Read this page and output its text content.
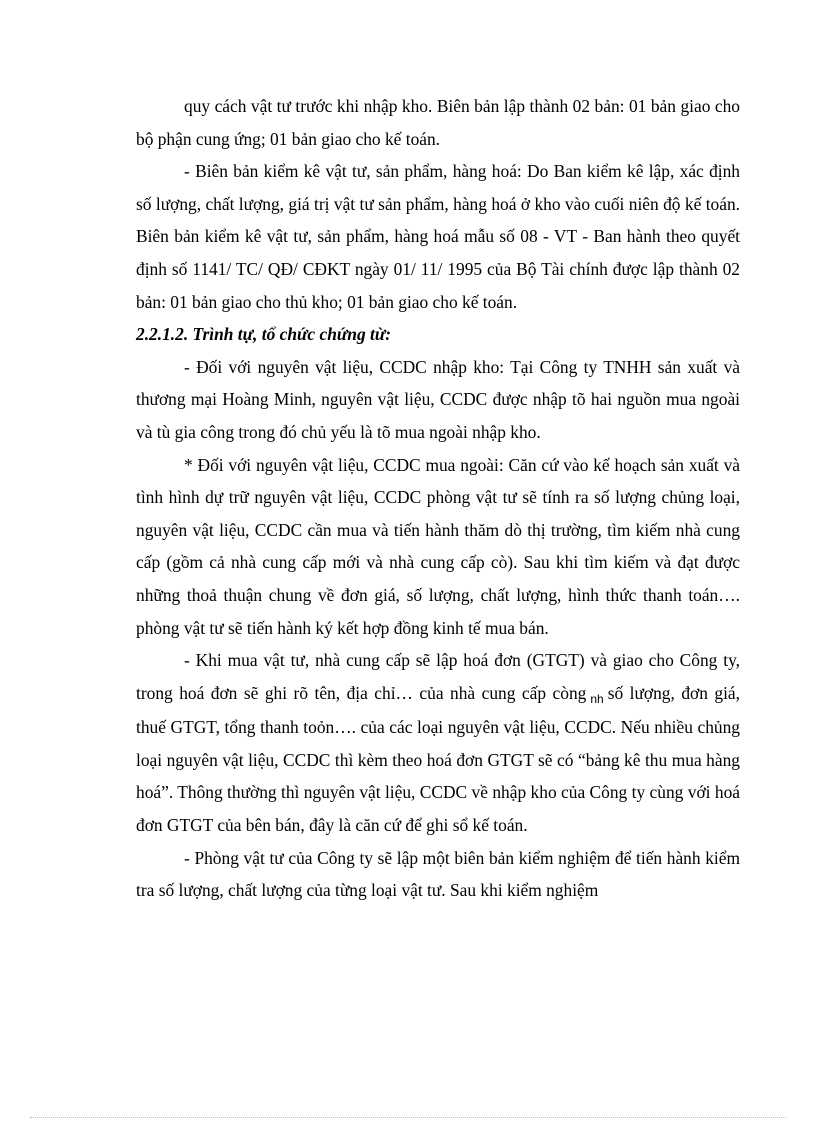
quy cách vật tư trước khi nhập kho. Biên bản lập thành 02 bản: 01 bản giao cho bộ phận cung ứng; 01 bản giao cho kế toán.

- Biên bản kiểm kê vật tư, sản phẩm, hàng hoá: Do Ban kiểm kê lập, xác định số lượng, chất lượng, giá trị vật tư sản phẩm, hàng hoá ở kho vào cuối niên độ kế toán. Biên bản kiểm kê vật tư, sản phẩm, hàng hoá mẫu số 08 - VT - Ban hành theo quyết định số 1141/ TC/ QĐ/ CĐKT ngày 01/ 11/ 1995 của Bộ Tài chính được lập thành 02 bản: 01 bản giao cho thủ kho; 01 bản giao cho kế toán.

2.2.1.2. Trình tự, tổ chức chứng từ:

- Đối với nguyên vật liệu, CCDC nhập kho: Tại Công ty TNHH sản xuất và thương mại Hoàng Minh, nguyên vật liệu, CCDC được nhập tõ hai nguồn mua ngoài và tù gia công trong đó chủ yếu là tõ mua ngoài nhập kho.

* Đối với nguyên vật liệu, CCDC mua ngoài: Căn cứ vào kế hoạch sản xuất và tình hình dự trữ nguyên vật liệu, CCDC phòng vật tư sẽ tính ra số lượng chủng loại, nguyên vật liệu, CCDC cần mua và tiến hành thăm dò thị trường, tìm kiếm nhà cung cấp (gồm cả nhà cung cấp mới và nhà cung cấp cò). Sau khi tìm kiếm và đạt được những thoả thuận chung về đơn giá, số lượng, chất lượng, hình thức thanh toán…. phòng vật tư sẽ tiến hành ký kết hợp đồng kinh tế mua bán.

- Khi mua vật tư, nhà cung cấp sẽ lập hoá đơn (GTGT) và giao cho Công ty, trong hoá đơn sẽ ghi rõ tên, địa chỉ… của nhà cung cấp còng $_{nh}$ số lượng, đơn giá, thuế GTGT, tổng thanh toỏn…. của các loại nguyên vật liệu, CCDC. Nếu nhiều chủng loại nguyên vật liệu, CCDC thì kèm theo hoá đơn GTGT sẽ có “bảng kê thu mua hàng hoá”. Thông thường thì nguyên vật liệu, CCDC về nhập kho của Công ty cùng với hoá đơn GTGT của bên bán, đây là căn cứ để ghi sổ kế toán.

- Phòng vật tư của Công ty sẽ lập một biên bản kiểm nghiệm để tiến hành kiểm tra số lượng, chất lượng của từng loại vật tư. Sau khi kiểm nghiệm
